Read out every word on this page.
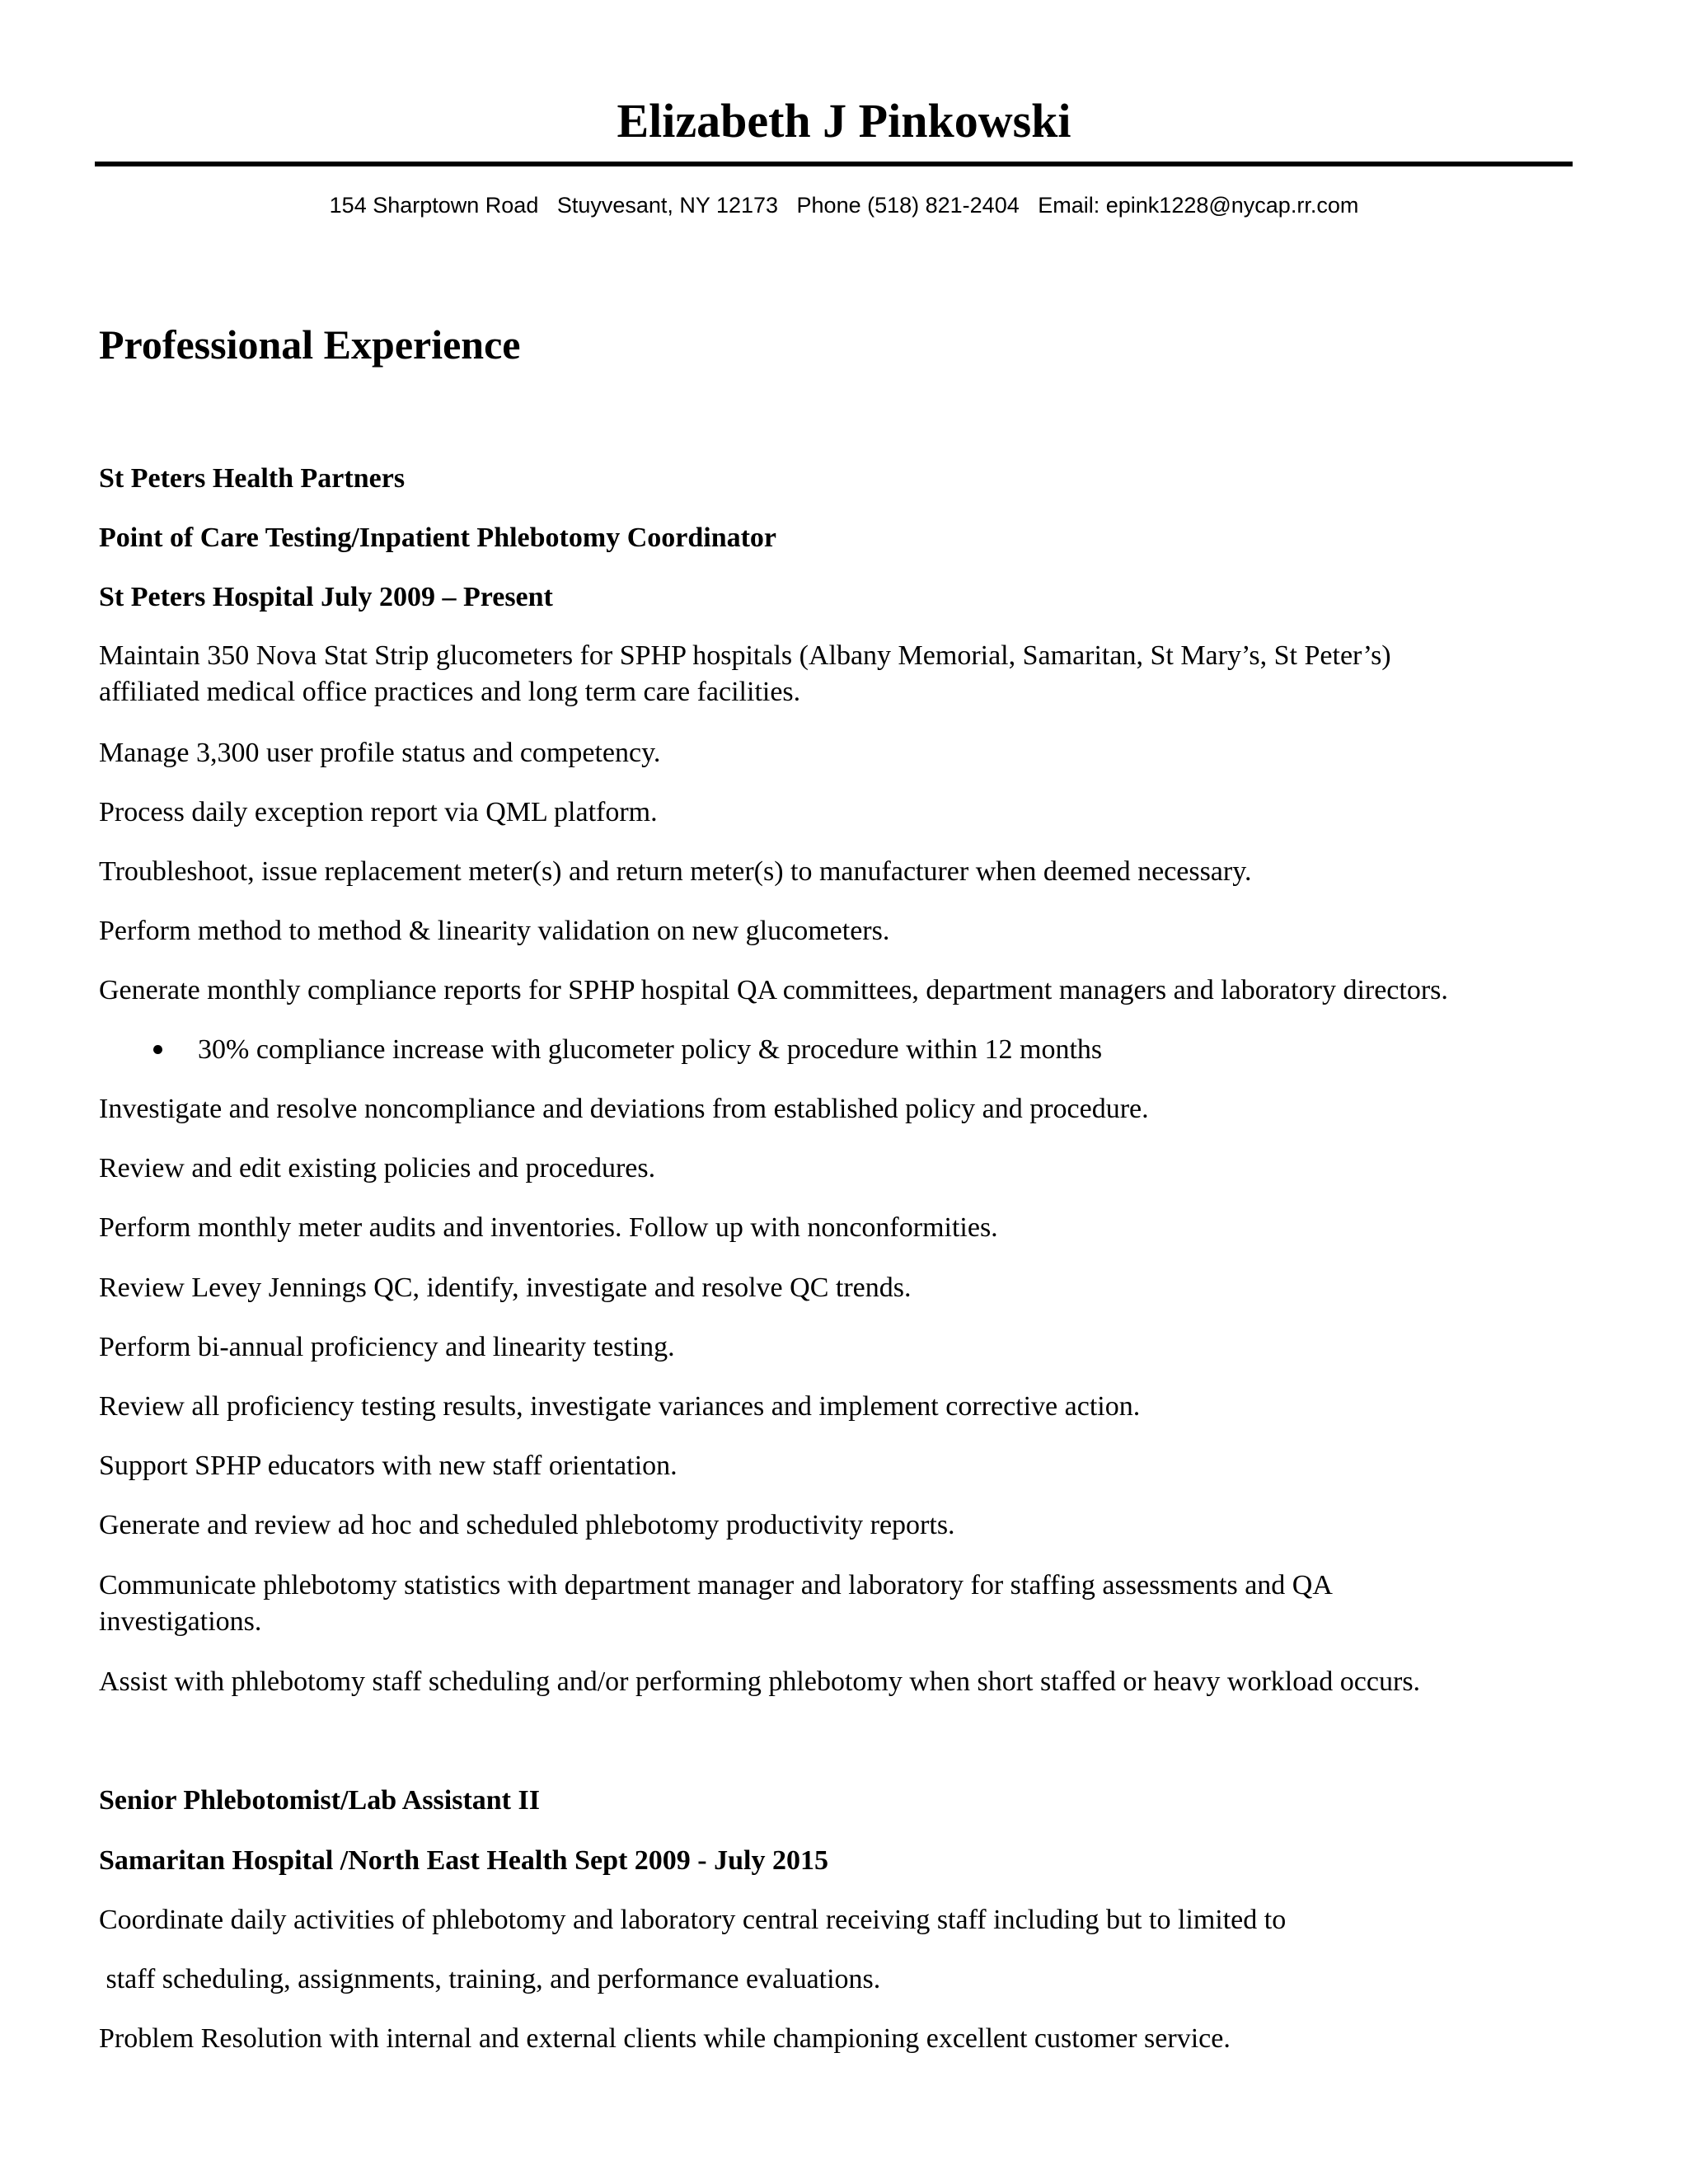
Elizabeth J Pinkowski
154 Sharptown Road   Stuyvesant, NY 12173   Phone (518) 821-2404   Email: epink1228@nycap.rr.com
Professional Experience
St Peters Health Partners
Point of Care Testing/Inpatient Phlebotomy Coordinator
St Peters Hospital July 2009 – Present
Maintain 350 Nova Stat Strip glucometers for SPHP hospitals (Albany Memorial, Samaritan, St Mary’s, St Peter’s)
affiliated medical office practices and long term care facilities.
Manage 3,300 user profile status and competency.
Process daily exception report via QML platform.
Troubleshoot, issue replacement meter(s) and return meter(s) to manufacturer when deemed necessary.
Perform method to method & linearity validation on new glucometers.
Generate monthly compliance reports for SPHP hospital QA committees, department managers and laboratory directors.
30% compliance increase with glucometer policy & procedure within 12 months
Investigate and resolve noncompliance and deviations from established policy and procedure.
Review and edit existing policies and procedures.
Perform monthly meter audits and inventories. Follow up with nonconformities.
Review Levey Jennings QC, identify, investigate and resolve QC trends.
Perform bi-annual proficiency and linearity testing.
Review all proficiency testing results, investigate variances and implement corrective action.
Support SPHP educators with new staff orientation.
Generate and review ad hoc and scheduled phlebotomy productivity reports.
Communicate phlebotomy statistics with department manager and laboratory for staffing assessments and QA
investigations.
Assist with phlebotomy staff scheduling and/or performing phlebotomy when short staffed or heavy workload occurs.
Senior Phlebotomist/Lab Assistant II
Samaritan Hospital /North East Health Sept 2009 - July 2015
Coordinate daily activities of phlebotomy and laboratory central receiving staff including but to limited to
staff scheduling, assignments, training, and performance evaluations.
Problem Resolution with internal and external clients while championing excellent customer service.
